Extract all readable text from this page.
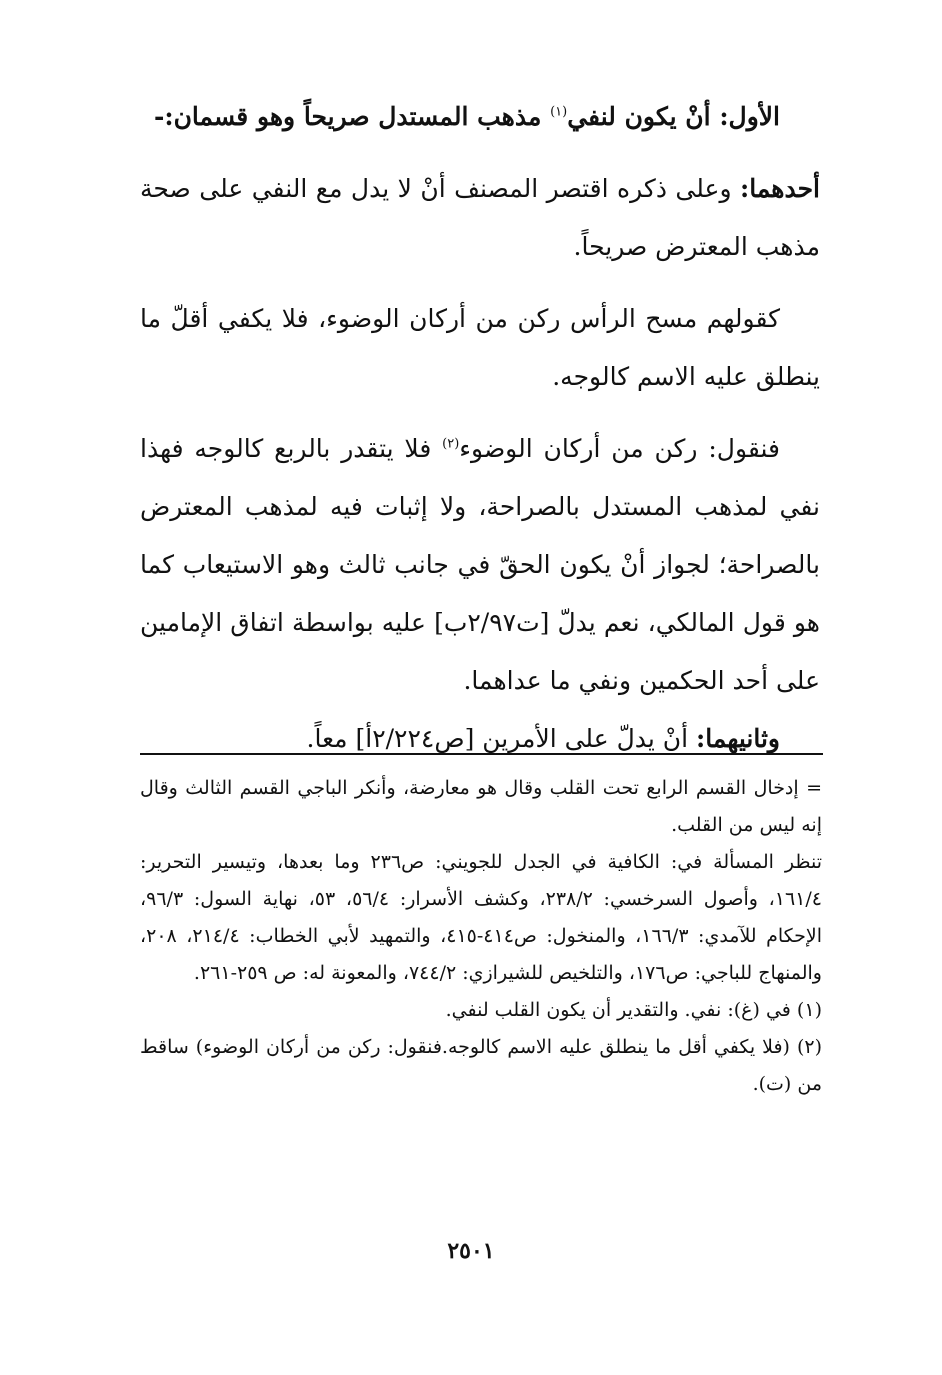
الأول: أنْ يكون لنفي$^{(١)}$ مذهب المستدل صريحاً وهو قسمان:-

أحدهما: وعلى ذكره اقتصر المصنف أنْ لا يدل مع النفي على صحة مذهب المعترض صريحاً.

كقولهم مسح الرأس ركن من أركان الوضوء، فلا يكفي أقلّ ما ينطلق عليه الاسم كالوجه.

فنقول: ركن من أركان الوضوء$^{(٢)}$ فلا يتقدر بالربع كالوجه فهذا نفي لمذهب المستدل بالصراحة، ولا إثبات فيه لمذهب المعترض بالصراحة؛ لجواز أنْ يكون الحقّ في جانب ثالث وهو الاستيعاب كما هو قول المالكي، نعم يدلّ [ت٢/٩٧ب] عليه بواسطة اتفاق الإمامين على أحد الحكمين ونفي ما عداهما.

وثانيهما: أنْ يدلّ على الأمرين [ص٢/٢٢٤أ] معاً.

= إدخال القسم الرابع تحت القلب وقال هو معارضة، وأنكر الباجي القسم الثالث وقال إنه ليس من القلب.

تنظر المسألة في: الكافية في الجدل للجويني: ص٢٣٦ وما بعدها، وتيسير التحرير: ١٦١/٤، وأصول السرخسي: ٢٣٨/٢، وكشف الأسرار: ٥٦/٤، ٥٣، نهاية السول: ٩٦/٣، الإحكام للآمدي: ١٦٦/٣، والمنخول: ص٤١٤-٤١٥، والتمهيد لأبي الخطاب: ٢١٤/٤، ٢٠٨، والمنهاج للباجي: ص١٧٦، والتلخيص للشيرازي: ٧٤٤/٢، والمعونة له: ص ٢٥٩-٢٦١.

(١) في (غ): نفي. والتقدير أن يكون القلب لنفي.

(٢) (فلا يكفي أقل ما ينطلق عليه الاسم كالوجه.فنقول: ركن من أركان الوضوء) ساقط من (ت).

٢٥٠١
